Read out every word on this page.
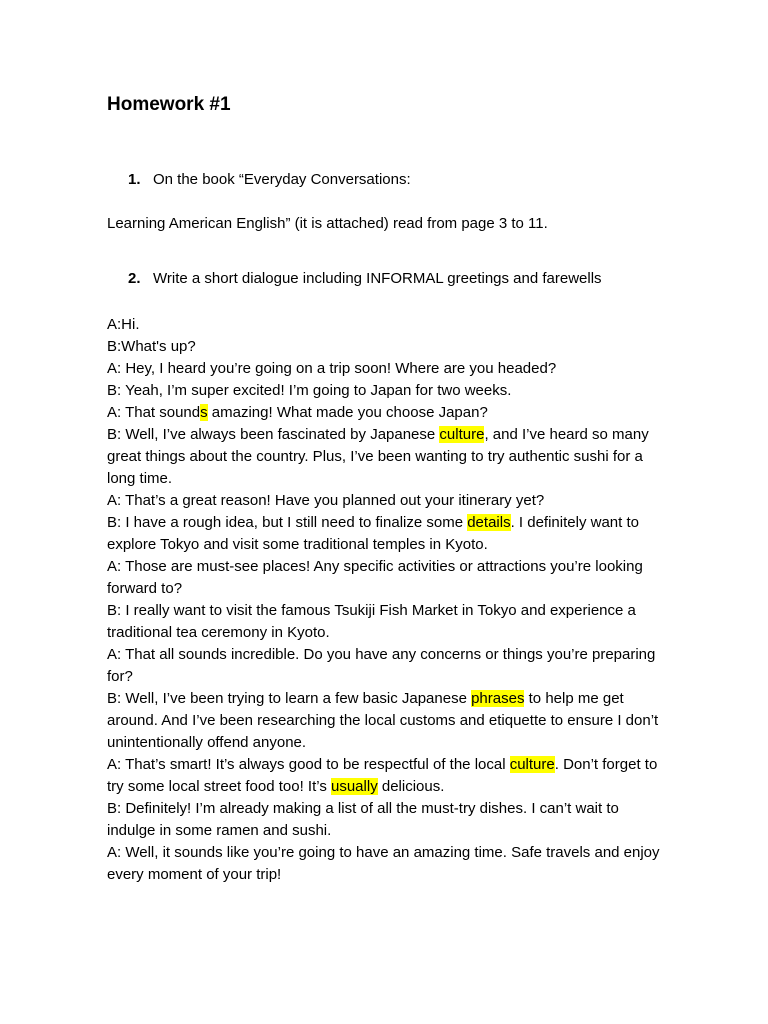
Homework #1

1. On the book “Everyday Conversations:

Learning American English” (it is attached) read from page 3 to 11.

2. Write a short dialogue including INFORMAL greetings and farewells

A:Hi.

B:What's up?

A: Hey, I heard you’re going on a trip soon! Where are you headed?

B: Yeah, I’m super excited! I’m going to Japan for two weeks.

A: That sounds amazing! What made you choose Japan?

B: Well, I’ve always been fascinated by Japanese culture, and I’ve heard so many great things about the country. Plus, I’ve been wanting to try authentic sushi for a long time.

A: That’s a great reason! Have you planned out your itinerary yet?

B: I have a rough idea, but I still need to finalize some details. I definitely want to explore Tokyo and visit some traditional temples in Kyoto.

A: Those are must-see places! Any specific activities or attractions you’re looking forward to?

B: I really want to visit the famous Tsukiji Fish Market in Tokyo and experience a traditional tea ceremony in Kyoto.

A: That all sounds incredible. Do you have any concerns or things you’re preparing for?

B: Well, I’ve been trying to learn a few basic Japanese phrases to help me get around. And I’ve been researching the local customs and etiquette to ensure I don’t unintentionally offend anyone.

A: That’s smart! It’s always good to be respectful of the local culture. Don’t forget to try some local street food too! It’s usually delicious.

B: Definitely! I’m already making a list of all the must-try dishes. I can’t wait to indulge in some ramen and sushi.

A: Well, it sounds like you’re going to have an amazing time. Safe travels and enjoy every moment of your trip!
